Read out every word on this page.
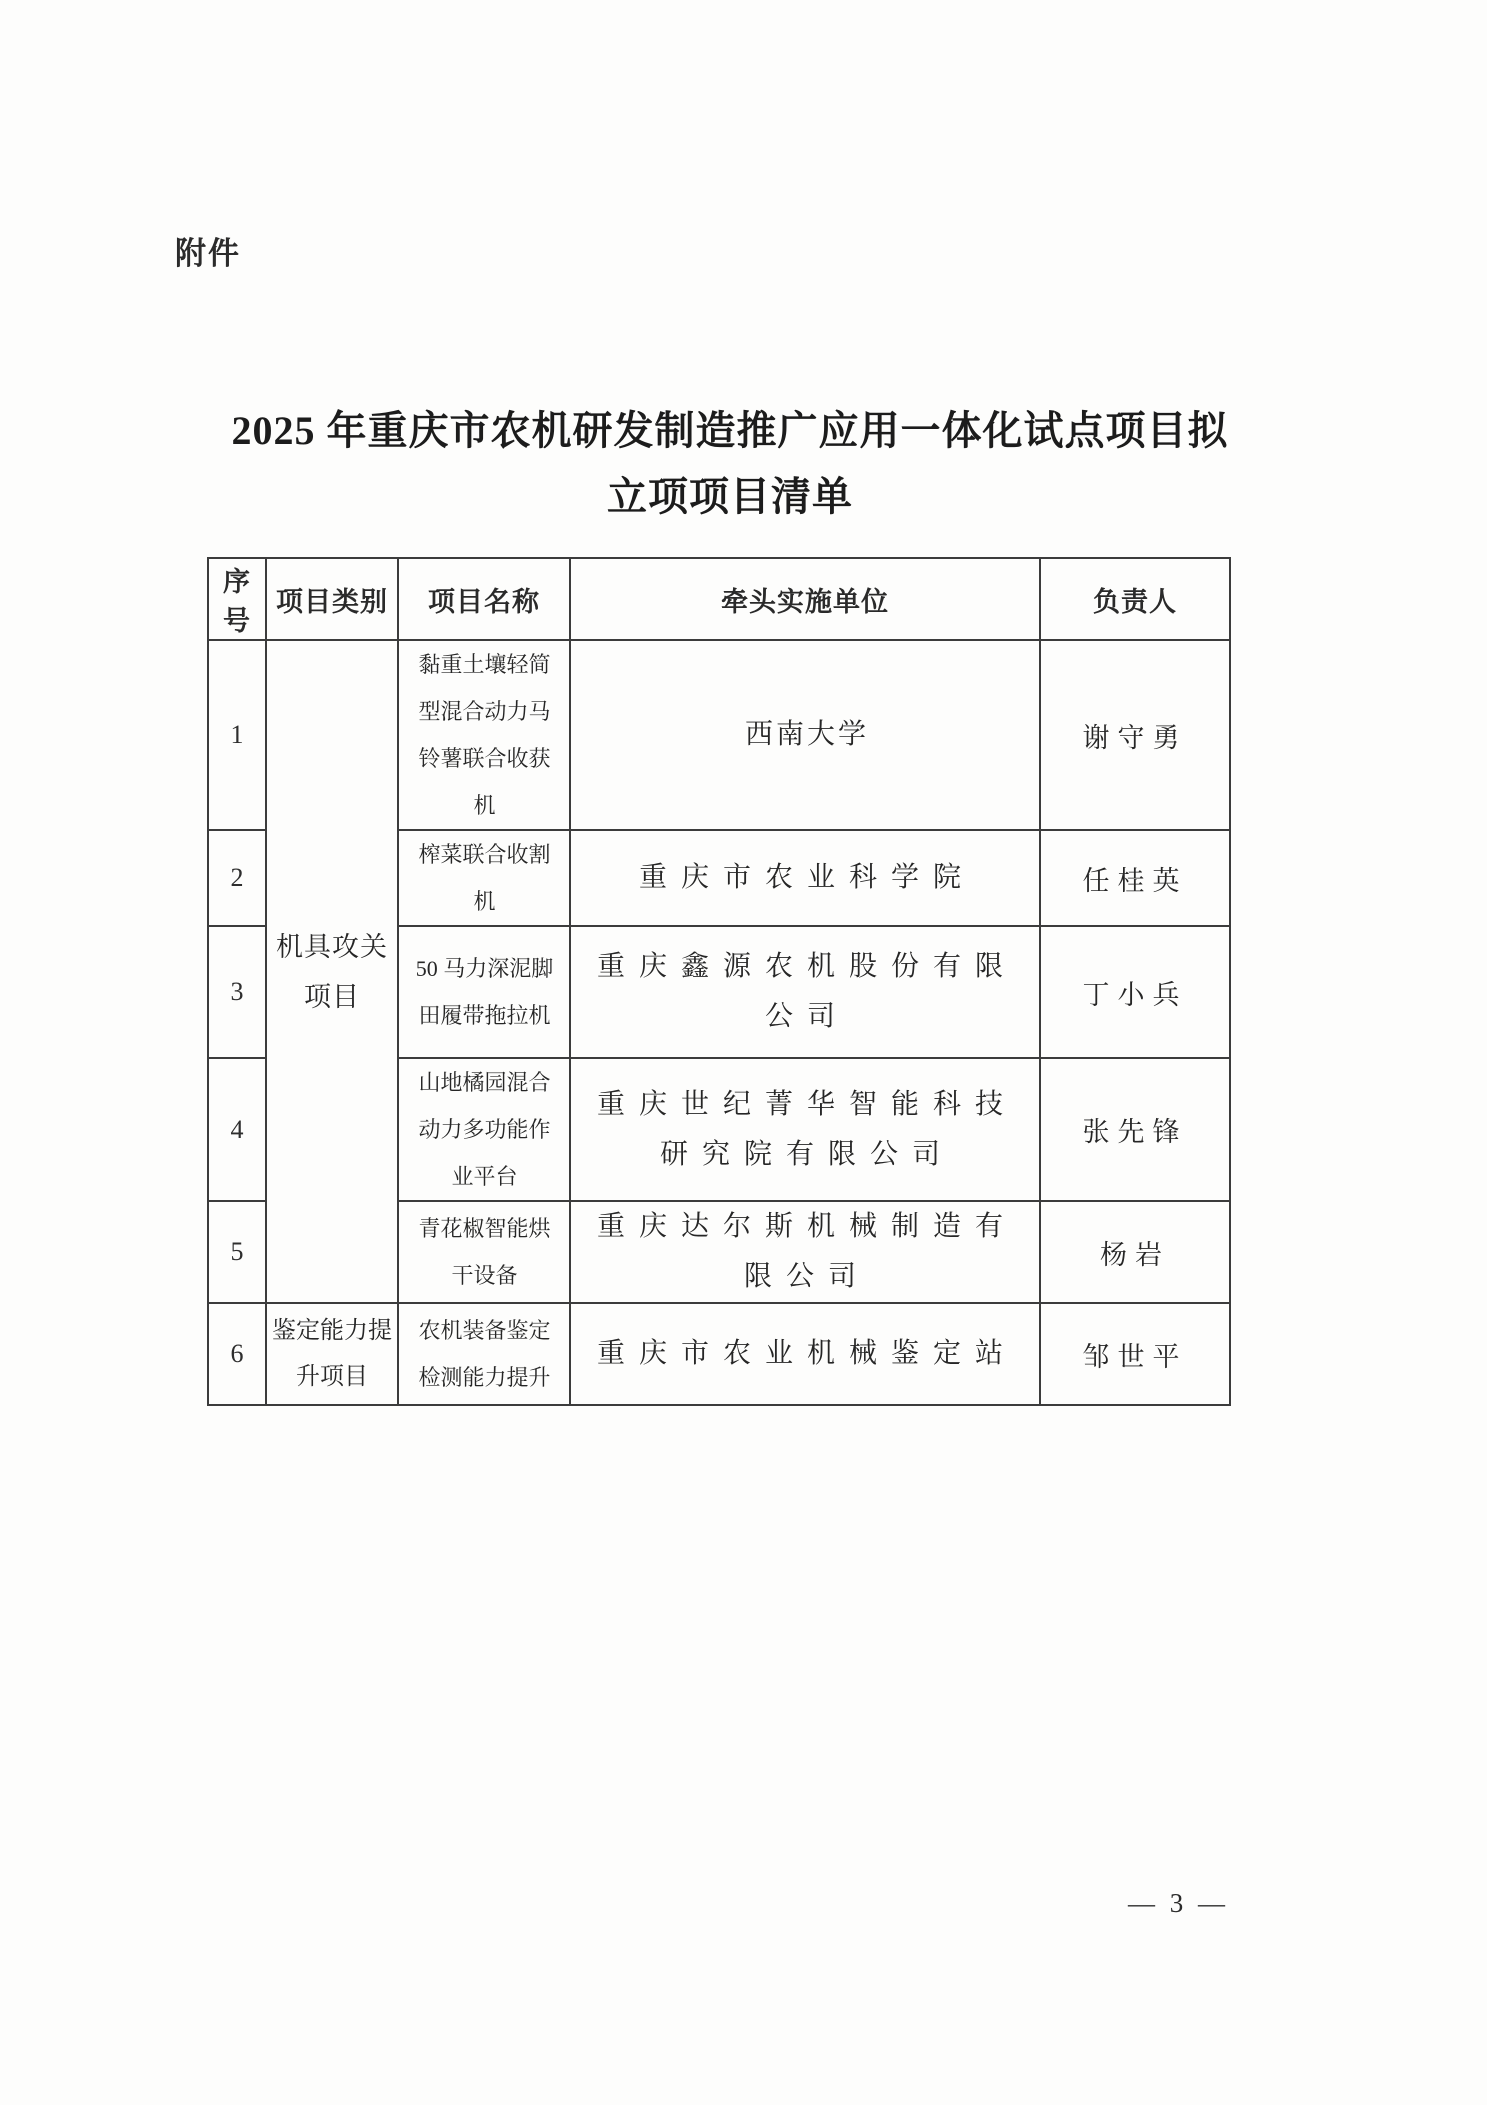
附件
2025 年重庆市农机研发制造推广应用一体化试点项目拟
立项项目清单
序号	项目类别	项目名称	牵头实施单位	负责人
1	机具攻关项目	黏重土壤轻简型混合动力马铃薯联合收获机	西南大学	谢守勇
2		榨菜联合收割机	重庆市农业科学院	任桂英
3		50 马力深泥脚田履带拖拉机	重庆鑫源农机股份有限公司	丁小兵
4		山地橘园混合动力多功能作业平台	重庆世纪菁华智能科技研究院有限公司	张先锋
5		青花椒智能烘干设备	重庆达尔斯机械制造有限公司	杨岩
6	鉴定能力提升项目	农机装备鉴定检测能力提升	重庆市农业机械鉴定站	邹世平
— 3 —
